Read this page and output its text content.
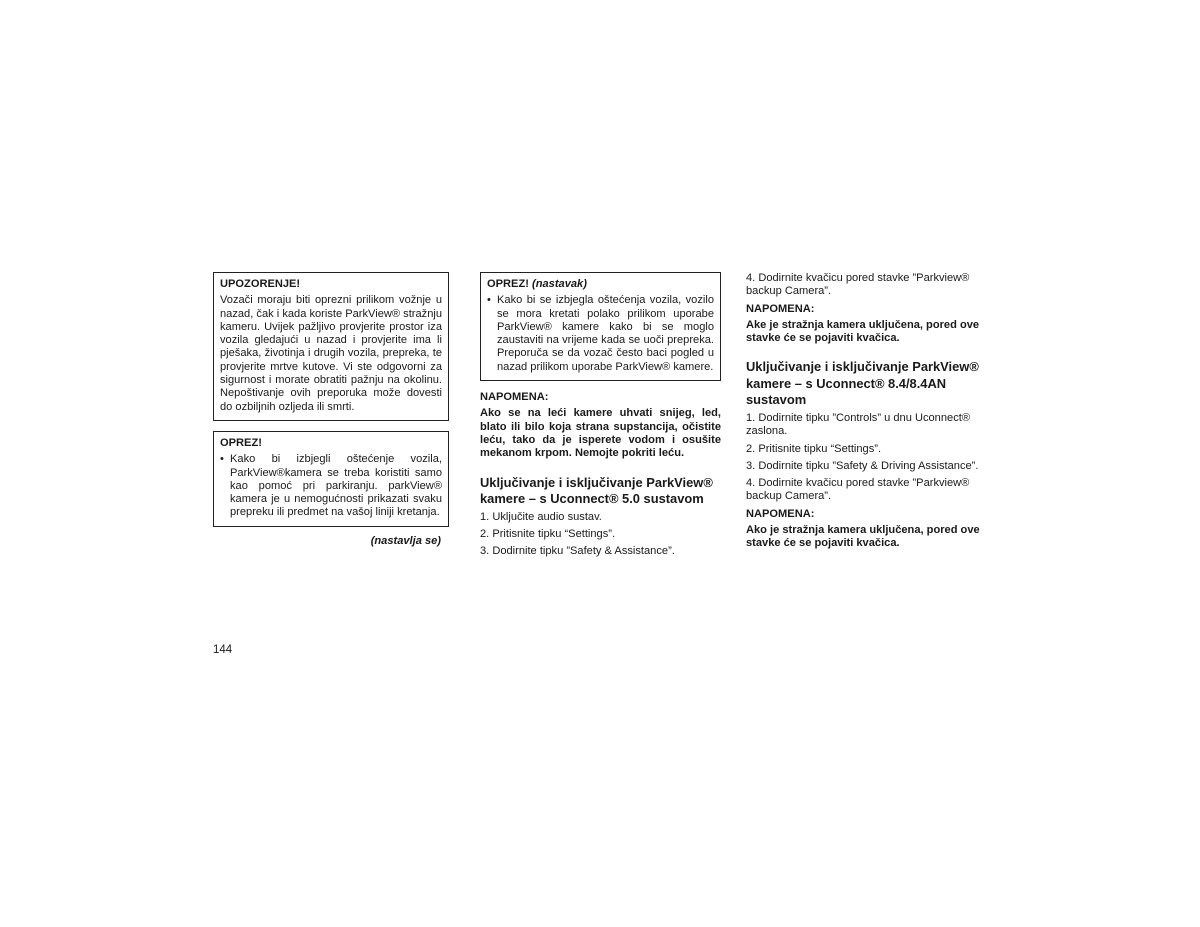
UPOZORENJE!
Vozači moraju biti oprezni prilikom vožnje u nazad, čak i kada koriste ParkView® stražnju kameru. Uvijek pažljivo provjerite prostor iza vozila gledajući u nazad i provjerite ima li pješaka, životinja i drugih vozila, prepreka, te provjerite mrtve kutove. Vi ste odgovorni za sigurnost i morate obratiti pažnju na okolinu. Nepoštivanje ovih preporuka može dovesti do ozbiljnih ozljeda ili smrti.
OPREZ!
• Kako bi izbjegli oštećenje vozila, ParkView®kamera se treba koristiti samo kao pomoć pri parkiranju. parkView® kamera je u nemogućnosti prikazati svaku prepreku ili predmet na vašoj liniji kretanja.
(nastavlja se)
OPREZ! (nastavak)
• Kako bi se izbjegla oštećenja vozila, vozilo se mora kretati polako prilikom uporabe ParkView® kamere kako bi se moglo zaustaviti na vrijeme kada se uoči prepreka. Preporuča se da vozač često baci pogled u nazad prilikom uporabe ParkView® kamere.
NAPOMENA:
Ako se na leći kamere uhvati snijeg, led, blato ili bilo koja strana supstancija, očistite leću, tako da je isperete vodom i osušite mekanom krpom. Nemojte pokriti leću.
Uključivanje i isključivanje ParkView® kamere – s Uconnect® 5.0 sustavom
1. Uključite audio sustav.
2. Pritisnite tipku “Settings”.
3. Dodirnite tipku ”Safety & Assistance”.
4. Dodirnite kvačicu pored stavke ”Parkview® backup Camera”.
NAPOMENA:
Ake je stražnja kamera uključena, pored ove stavke će se pojaviti kvačica.
Uključivanje i isključivanje ParkView® kamere – s Uconnect® 8.4/8.4AN sustavom
1. Dodirnite tipku ”Controls” u dnu Uconnect® zaslona.
2. Pritisnite tipku “Settings”.
3. Dodirnite tipku ”Safety & Driving Assistance”.
4. Dodirnite kvačicu pored stavke ”Parkview® backup Camera”.
NAPOMENA:
Ako je stražnja kamera uključena, pored ove stavke će se pojaviti kvačica.
144
